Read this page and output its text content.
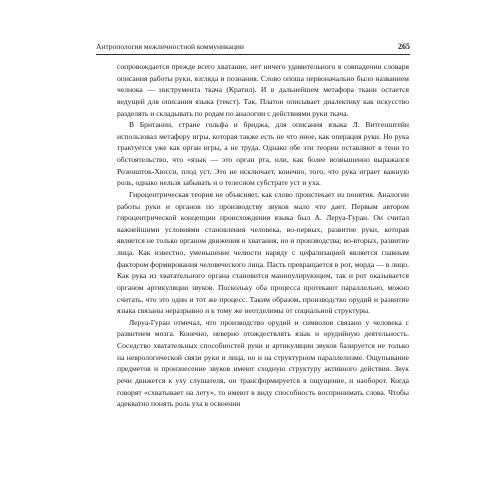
Антропология межличностной коммуникации	265

сопровождается прежде всего хватание, нет ничего удивительного в совпадении словаря описания работы руки, взгляда и познания. Слово опоша первоначально было названием челнока — инструмента ткача (Кратил). И в дальнейшем метафора ткани остается ведущей для описания языка (текст). Так, Платон описывает диалектику как искусство разделять и складывать по родам по аналогии с действиями руки ткача.

В Британии, стране гольфа и бриджа, для описания языка Л. Витгенштейн использовал метафору игры, которая также есть не что иное, как операция руки. Но рука трактуется уже как орган игры, а не труда. Однако обе эти теории оставляют в тени то обстоятельство, что «язык — это орган рта, или, как более возвышенно выражался Розеншток-Хюсси, плод уст. Это не исключает, конечно, того, что рука играет важную роль, однако нельзя забывать и о телесном субстрате уст и уха.

Гироцентрическая теория не объясняет, как слово проистекает из понятия. Аналогии работы руки и органов по производству звуков мало что дает. Первым автором гироцентрической концепции происхождения языка был А. Леруа-Гуран. Он считал важнейшими условиями становления человека, во-первых, развитие руки, которая является не только органом движения и хватания, но и производства; во-вторых, развитие лица. Как известно, уменьшение челюсти наряду с цефализацией является главным фактором формирования человеческого лица. Пасть превращается в рот, морда — в лицо. Как рука из хватательного органа становится манипулирующим, так и рот оказывается органом артикуляции звуков. Поскольку оба процесса протекают параллельно, можно считать, что это один и тот же процесс. Таким образом, производство орудий и развитие языка связаны неразрывно и к тому же неотделимы от социальной структуры.

Леруа-Гуран отмечал, что производство орудий и символов связано у человека с развитием мозга. Конечно, неверно отождествлять язык и орудийную деятельность. Соседство хватательных способностей руки и артикуляции звуков базируется не только на неврологической связи руки и лица, но и на структурном параллелизме. Ощупывание предметов и произнесение звуков имеют сходную структуру активного действия. Звук речи движется к уху слушателя, он трансформируется в ощущение, и наоборот. Когда говорят «схватывает на лету», то имеют в виду способность воспринимать слова. Чтобы адекватно понять роль уха в освоении
